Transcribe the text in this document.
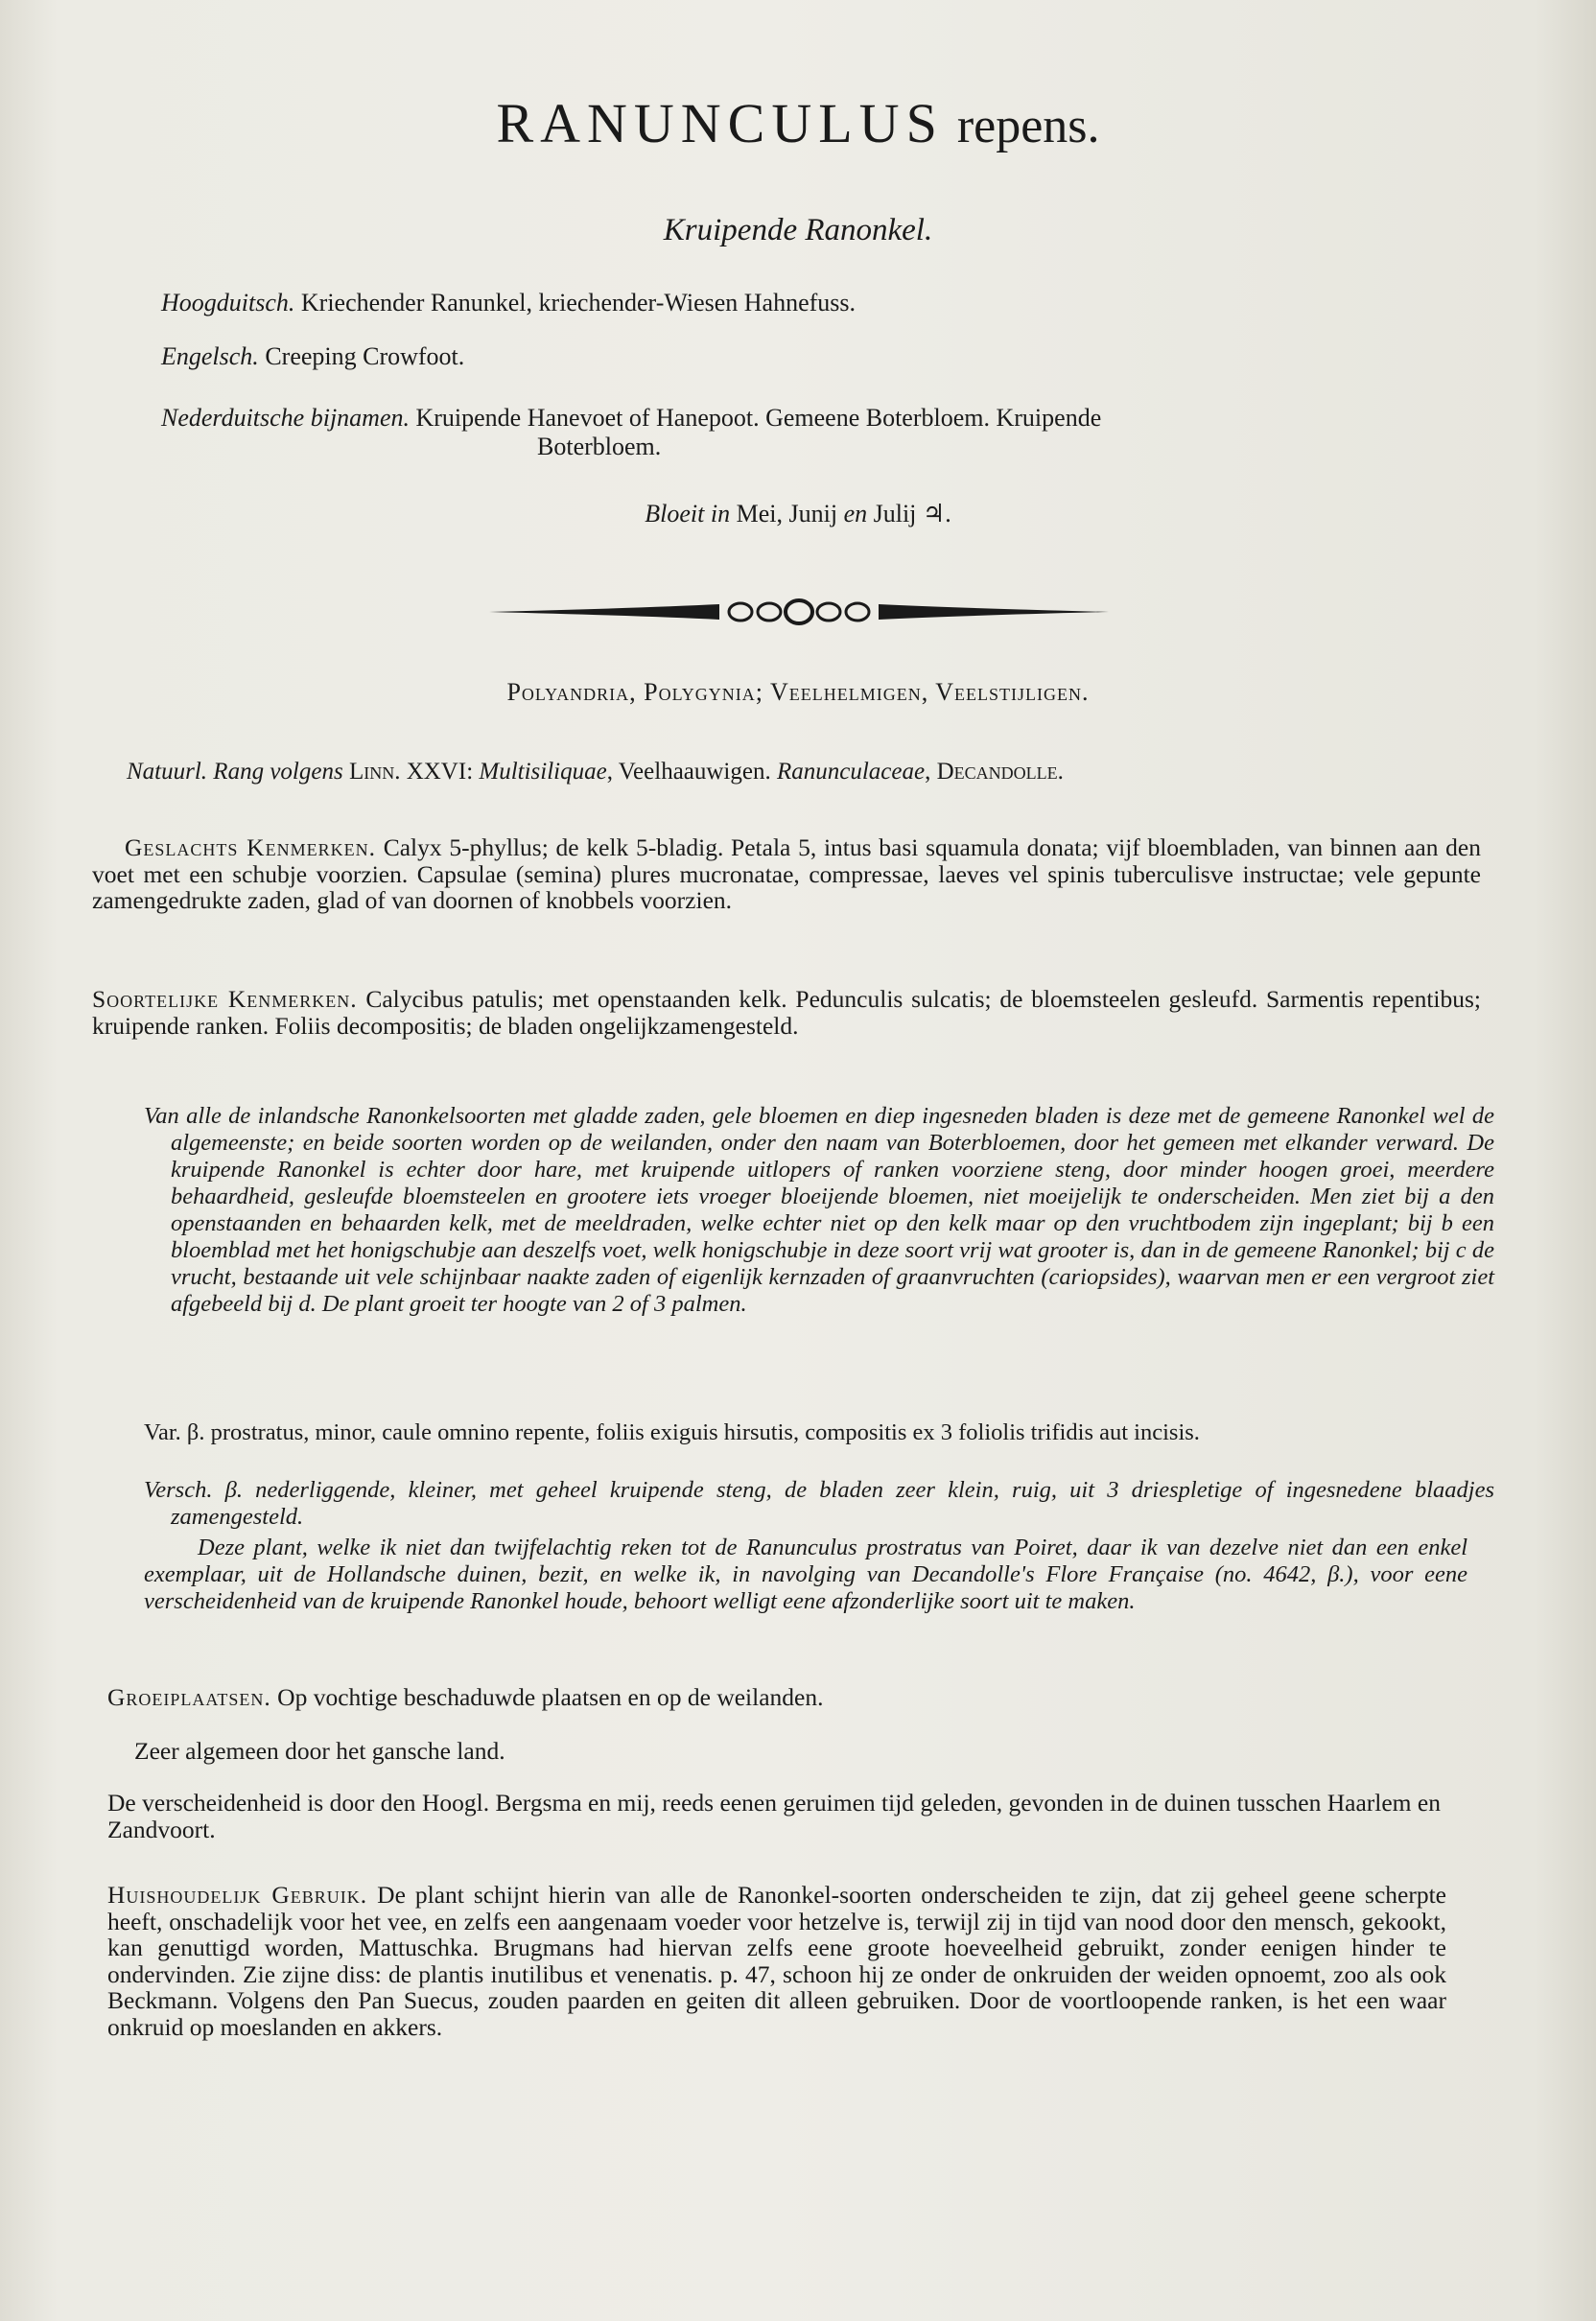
RANUNCULUS repens.
Kruipende Ranonkel.
Hoogduitsch. Kriechender Ranunkel, kriechender-Wiesen Hahnefuss.
Engelsch. Creeping Crowfoot.
Nederduitsche bijnamen. Kruipende Hanevoet of Hanepoot. Gemeene Boterbloem. Kruipende
Boterbloem.
Bloeit in Mei, Junij en Julij ♃.
Polyandria, Polygynia; Veelhelmigen, Veelstijligen.
Natuurl. Rang volgens Linn. XXVI: Multisiliquae, Veelhaauwigen. Ranunculaceae, Decandolle.
Geslachts Kenmerken. Calyx 5-phyllus; de kelk 5-bladig. Petala 5, intus basi squamula donata; vijf bloembladen, van binnen aan den voet met een schubje voorzien. Capsulae (semina) plures mucronatae, compressae, laeves vel spinis tuberculisve instructae; vele gepunte zamengedrukte zaden, glad of van doornen of knobbels voorzien.
Soortelijke Kenmerken. Calycibus patulis; met openstaanden kelk. Pedunculis sulcatis; de bloemsteelen gesleufd. Sarmentis repentibus; kruipende ranken. Foliis decompositis; de bladen ongelijkzamengesteld.
Van alle de inlandsche Ranonkelsoorten met gladde zaden, gele bloemen en diep ingesneden bladen is deze met de gemeene Ranonkel wel de algemeenste; en beide soorten worden op de weilanden, onder den naam van Boterbloemen, door het gemeen met elkander verward. De kruipende Ranonkel is echter door hare, met kruipende uitlopers of ranken voorziene steng, door minder hoogen groei, meerdere behaardheid, gesleufde bloemsteelen en grootere iets vroeger bloeijende bloemen, niet moeijelijk te onderscheiden. Men ziet bij a den openstaanden en behaarden kelk, met de meeldraden, welke echter niet op den kelk maar op den vruchtbodem zijn ingeplant; bij b een bloemblad met het honigschubje aan deszelfs voet, welk honigschubje in deze soort vrij wat grooter is, dan in de gemeene Ranonkel; bij c de vrucht, bestaande uit vele schijnbaar naakte zaden of eigenlijk kernzaden of graanvruchten (cariopsides), waarvan men er een vergroot ziet afgebeeld bij d. De plant groeit ter hoogte van 2 of 3 palmen.
Var. β. prostratus, minor, caule omnino repente, foliis exiguis hirsutis, compositis ex 3 foliolis trifidis aut incisis.
Versch. β. nederliggende, kleiner, met geheel kruipende steng, de bladen zeer klein, ruig, uit 3 driespletige of ingesnedene blaadjes zamengesteld.
Deze plant, welke ik niet dan twijfelachtig reken tot de Ranunculus prostratus van Poiret, daar ik van dezelve niet dan een enkel exemplaar, uit de Hollandsche duinen, bezit, en welke ik, in navolging van Decandolle's Flore Française (no. 4642, β.), voor eene verscheidenheid van de kruipende Ranonkel houde, behoort welligt eene afzonderlijke soort uit te maken.
Groeiplaatsen. Op vochtige beschaduwde plaatsen en op de weilanden.
Zeer algemeen door het gansche land.
De verscheidenheid is door den Hoogl. Bergsma en mij, reeds eenen geruimen tijd geleden, gevonden in de duinen tusschen Haarlem en Zandvoort.
Huishoudelijk Gebruik. De plant schijnt hierin van alle de Ranonkel-soorten onderscheiden te zijn, dat zij geheel geene scherpte heeft, onschadelijk voor het vee, en zelfs een aangenaam voeder voor hetzelve is, terwijl zij in tijd van nood door den mensch, gekookt, kan genuttigd worden, Mattuschka. Brugmans had hiervan zelfs eene groote hoeveelheid gebruikt, zonder eenigen hinder te ondervinden. Zie zijne diss: de plantis inutilibus et venenatis. p. 47, schoon hij ze onder de onkruiden der weiden opnoemt, zoo als ook Beckmann. Volgens den Pan Suecus, zouden paarden en geiten dit alleen gebruiken. Door de voortloopende ranken, is het een waar onkruid op moeslanden en akkers.
